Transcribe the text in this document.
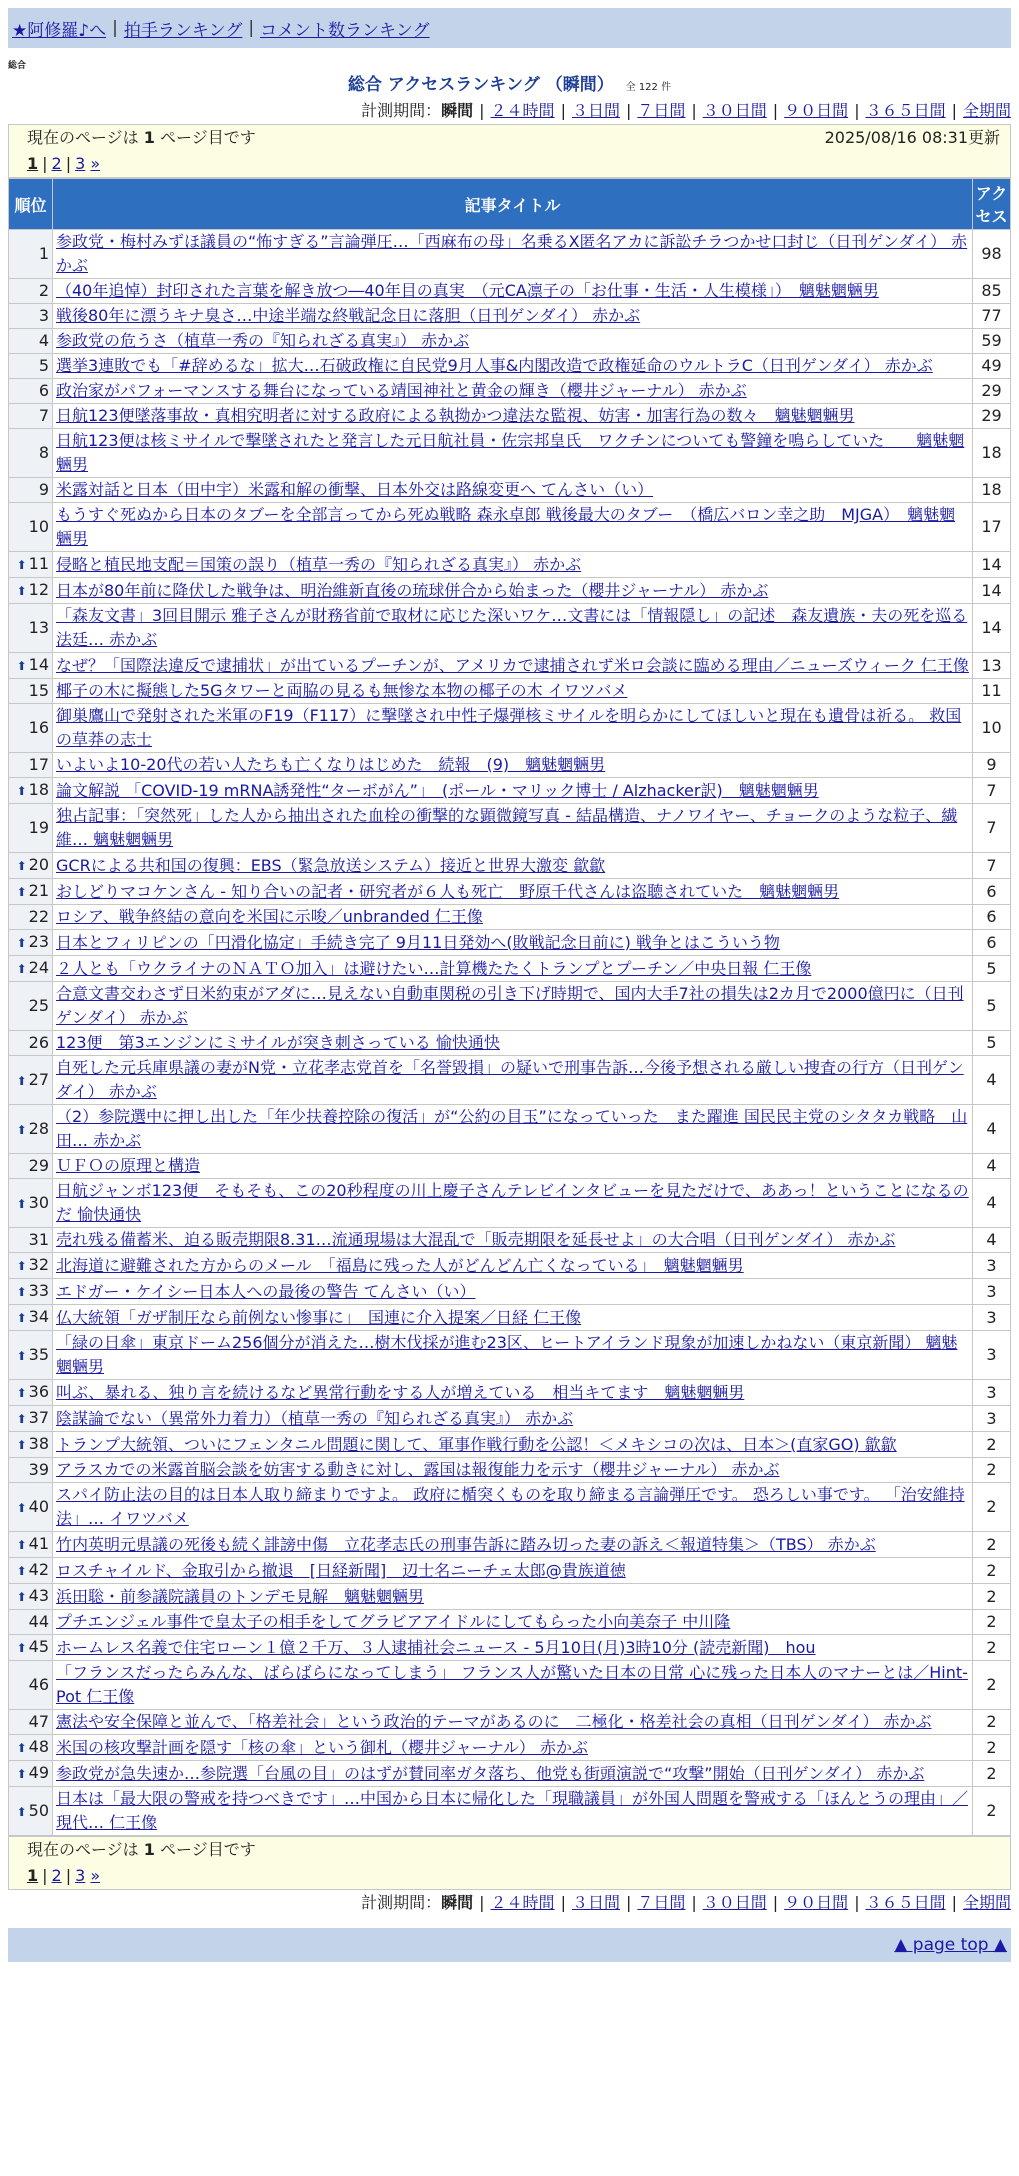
★阿修羅♪へ | 拍手ランキング | コメント数ランキング
総合
総合 アクセスランキング （瞬間） 全 122 件
計測期間：瞬間 | ２４時間 | ３日間 | ７日間 | ３０日間 | ９０日間 | ３６５日間 | 全期間
現在のページは 1 ページ目です	2025/08/16 08:31更新
1 | 2 | 3 »
順位	記事タイトル	アクセス
1	参政党・梅村みずほ議員の“怖すぎる”言論弾圧…「西麻布の母」名乗るX匿名アカに訴訟チラつかせ口封じ（日刊ゲンダイ） 赤かぶ	98
2	（40年追悼）封印された言葉を解き放つ―40年目の真実　（元CA凛子の「お仕事・生活・人生模様」）　魑魅魍魎男	85
3	戦後80年に漂うキナ臭さ…中途半端な終戦記念日に落胆（日刊ゲンダイ） 赤かぶ	77
4	参政党の危うさ（植草一秀の『知られざる真実』） 赤かぶ	59
5	選挙3連敗でも「#辞めるな」拡大…石破政権に自民党9月人事&内閣改造で政権延命のウルトラC（日刊ゲンダイ） 赤かぶ	49
6	政治家がパフォーマンスする舞台になっている靖国神社と黄金の輝き（櫻井ジャーナル） 赤かぶ	29
7	日航123便墜落事故・真相究明者に対する政府による執拗かつ違法な監視、妨害・加害行為の数々　魑魅魍魎男	29
8	日航123便は核ミサイルで撃墜されたと発言した元日航社員・佐宗邦皇氏　ワクチンについても警鐘を鳴らしていた　　魑魅魍魎男	18
9	米露対話と日本（田中宇）米露和解の衝撃、日本外交は路線変更へ てんさい（い）	18
10	もうすぐ死ぬから日本のタブーを全部言ってから死ぬ戦略 森永卓郎 戦後最大のタブー　（橋広バロン幸之助　MJGA）　魑魅魍魎男	17
⬆ 11	侵略と植民地支配＝国策の誤り（植草一秀の『知られざる真実』） 赤かぶ	14
⬆ 12	日本が80年前に降伏した戦争は、明治維新直後の琉球併合から始まった（櫻井ジャーナル） 赤かぶ	14
13	「森友文書」3回目開示 雅子さんが財務省前で取材に応じた深いワケ…文書には「情報隠し」の記述　森友遺族・夫の死を巡る法廷… 赤かぶ	14
⬆ 14	なぜ？「国際法違反で逮捕状」が出ているプーチンが、アメリカで逮捕されず米ロ会談に臨める理由／ニューズウィーク 仁王像	13
15	椰子の木に擬態した5Gタワーと両脇の見るも無惨な本物の椰子の木 イワツバメ	11
16	御巣鷹山で発射された米軍のF19（F117）に撃墜され中性子爆弾核ミサイルを明らかにしてほしいと現在も遺骨は祈る。 救国の草莽の志士	10
17	いよいよ10-20代の若い人たちも亡くなりはじめた　続報　(9)　魑魅魍魎男	9
⬆ 18	論文解説 「COVID-19 mRNA誘発性“ターボがん”」　(ポール・マリック博士 / Alzhacker訳)　魑魅魍魎男	7
19	独占記事：「突然死」した人から抽出された血栓の衝撃的な顕微鏡写真 - 結晶構造、ナノワイヤー、チョークのような粒子、繊維… 魑魅魍魎男	7
⬆ 20	GCRによる共和国の復興：EBS（緊急放送システム）接近と世界大激変 歙歙	7
⬆ 21	おしどりマコケンさん - 知り合いの記者・研究者が６人も死亡　野原千代さんは盗聴されていた　魑魅魍魎男	6
22	ロシア、戦争終結の意向を米国に示唆／unbranded 仁王像	6
⬆ 23	日本とフィリピンの「円滑化協定」手続き完了 9月11日発効へ(敗戦記念日前に) 戦争とはこういう物	6
⬆ 24	２人とも「ウクライナのＮＡＴＯ加入」は避けたい…計算機たたくトランプとプーチン／中央日報 仁王像	5
25	合意文書交わさず日米約束がアダに…見えない自動車関税の引き下げ時期で、国内大手7社の損失は2カ月で2000億円に（日刊ゲンダイ） 赤かぶ	5
26	123便　第3エンジンにミサイルが突き刺さっている 愉快通快	5
⬆ 27	自死した元兵庫県議の妻がN党・立花孝志党首を「名誉毀損」の疑いで刑事告訴…今後予想される厳しい捜査の行方（日刊ゲンダイ） 赤かぶ	4
⬆ 28	（2）参院選中に押し出した「年少扶養控除の復活」が“公約の目玉”になっていった　また躍進 国民民主党のシタタカ戦略　山田… 赤かぶ	4
29	ＵＦＯの原理と構造	4
⬆ 30	日航ジャンボ123便　そもそも、この20秒程度の川上慶子さんテレビインタビューを見ただけで、ああっ！ということになるのだ 愉快通快	4
31	売れ残る備蓄米、迫る販売期限8.31…流通現場は大混乱で「販売期限を延長せよ」の大合唱（日刊ゲンダイ） 赤かぶ	4
⬆ 32	北海道に避難された方からのメール　「福島に残った人がどんどん亡くなっている」　魑魅魍魎男	3
⬆ 33	エドガー・ケイシー日本人への最後の警告 てんさい（い）	3
⬆ 34	仏大統領「ガザ制圧なら前例ない惨事に」　国連に介入提案／日経 仁王像	3
⬆ 35	「緑の日傘」東京ドーム256個分が消えた…樹木伐採が進む23区、ヒートアイランド現象が加速しかねない（東京新聞） 魑魅魍魎男	3
⬆ 36	叫ぶ、暴れる、独り言を続けるなど異常行動をする人が増えている　相当キてます　魑魅魍魎男	3
⬆ 37	陰謀論でない（異常外力着力）（植草一秀の『知られざる真実』） 赤かぶ	3
⬆ 38	トランプ大統領、ついにフェンタニル問題に関して、軍事作戦行動を公認！＜メキシコの次は、日本＞(直家GO) 歙歙	2
39	アラスカでの米露首脳会談を妨害する動きに対し、露国は報復能力を示す（櫻井ジャーナル） 赤かぶ	2
⬆ 40	スパイ防止法の目的は日本人取り締まりですよ。 政府に楯突くものを取り締まる言論弾圧です。 恐ろしい事です。 「治安維持法」… イワツバメ	2
⬆ 41	竹内英明元県議の死後も続く誹謗中傷　立花孝志氏の刑事告訴に踏み切った妻の訴え＜報道特集＞（TBS） 赤かぶ	2
⬆ 42	ロスチャイルド、金取引から撤退　[日経新聞]　辺士名ニーチェ太郎@貴族道徳	2
⬆ 43	浜田聡・前参議院議員のトンデモ見解　魑魅魍魎男	2
44	プチエンジェル事件で皇太子の相手をしてグラビアアイドルにしてもらった小向美奈子 中川隆	2
⬆ 45	ホームレス名義で住宅ローン１億２千万、３人逮捕社会ニュース - 5月10日(月)3時10分 (読売新聞)　hou	2
46	「フランスだったらみんな、ばらばらになってしまう」 フランス人が驚いた日本の日常 心に残った日本人のマナーとは／Hint-Pot 仁王像	2
47	憲法や安全保障と並んで、「格差社会」という政治的テーマがあるのに　二極化・格差社会の真相（日刊ゲンダイ） 赤かぶ	2
⬆ 48	米国の核攻撃計画を隠す「核の傘」という御札（櫻井ジャーナル） 赤かぶ	2
⬆ 49	参政党が急失速か…参院選「台風の目」のはずが賛同率ガタ落ち、他党も街頭演説で“攻撃”開始（日刊ゲンダイ） 赤かぶ	2
⬆ 50	日本は「最大限の警戒を持つべきです」…中国から日本に帰化した「現職議員」が外国人問題を警戒する「ほんとうの理由」／現代… 仁王像	2
現在のページは 1 ページ目です
1 | 2 | 3 »
計測期間：瞬間 | ２４時間 | ３日間 | ７日間 | ３０日間 | ９０日間 | ３６５日間 | 全期間
▲ page top ▲
